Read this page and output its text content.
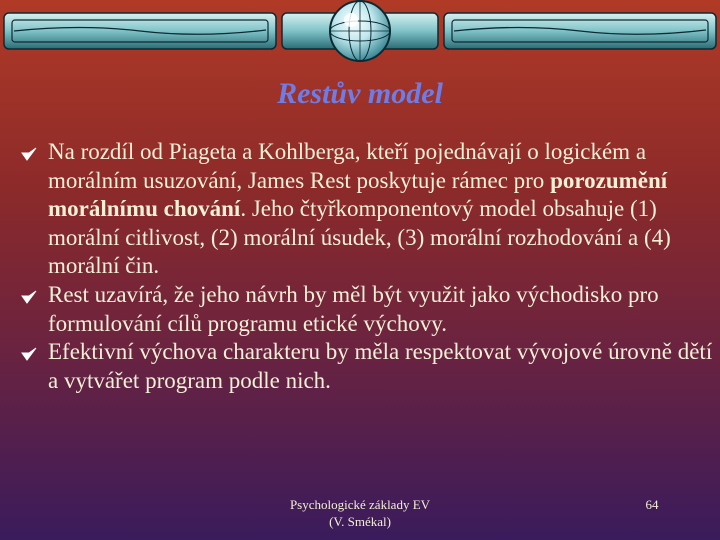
Restův model
Na rozdíl od Piageta a Kohlberga, kteří pojednávají o logickém a morálním usuzování, James Rest poskytuje rámec pro porozumění morálnímu chování. Jeho čtyřkomponentový model obsahuje (1) morální citlivost, (2) morální úsudek, (3) morální rozhodování a (4) morální čin.
Rest uzavírá, že jeho návrh by měl být využit jako východisko pro formulování cílů programu etické výchovy.
Efektivní výchova charakteru by měla respektovat vývojové úrovně dětí a vytvářet program podle nich.
Psychologické základy EV
(V. Smékal)
64
